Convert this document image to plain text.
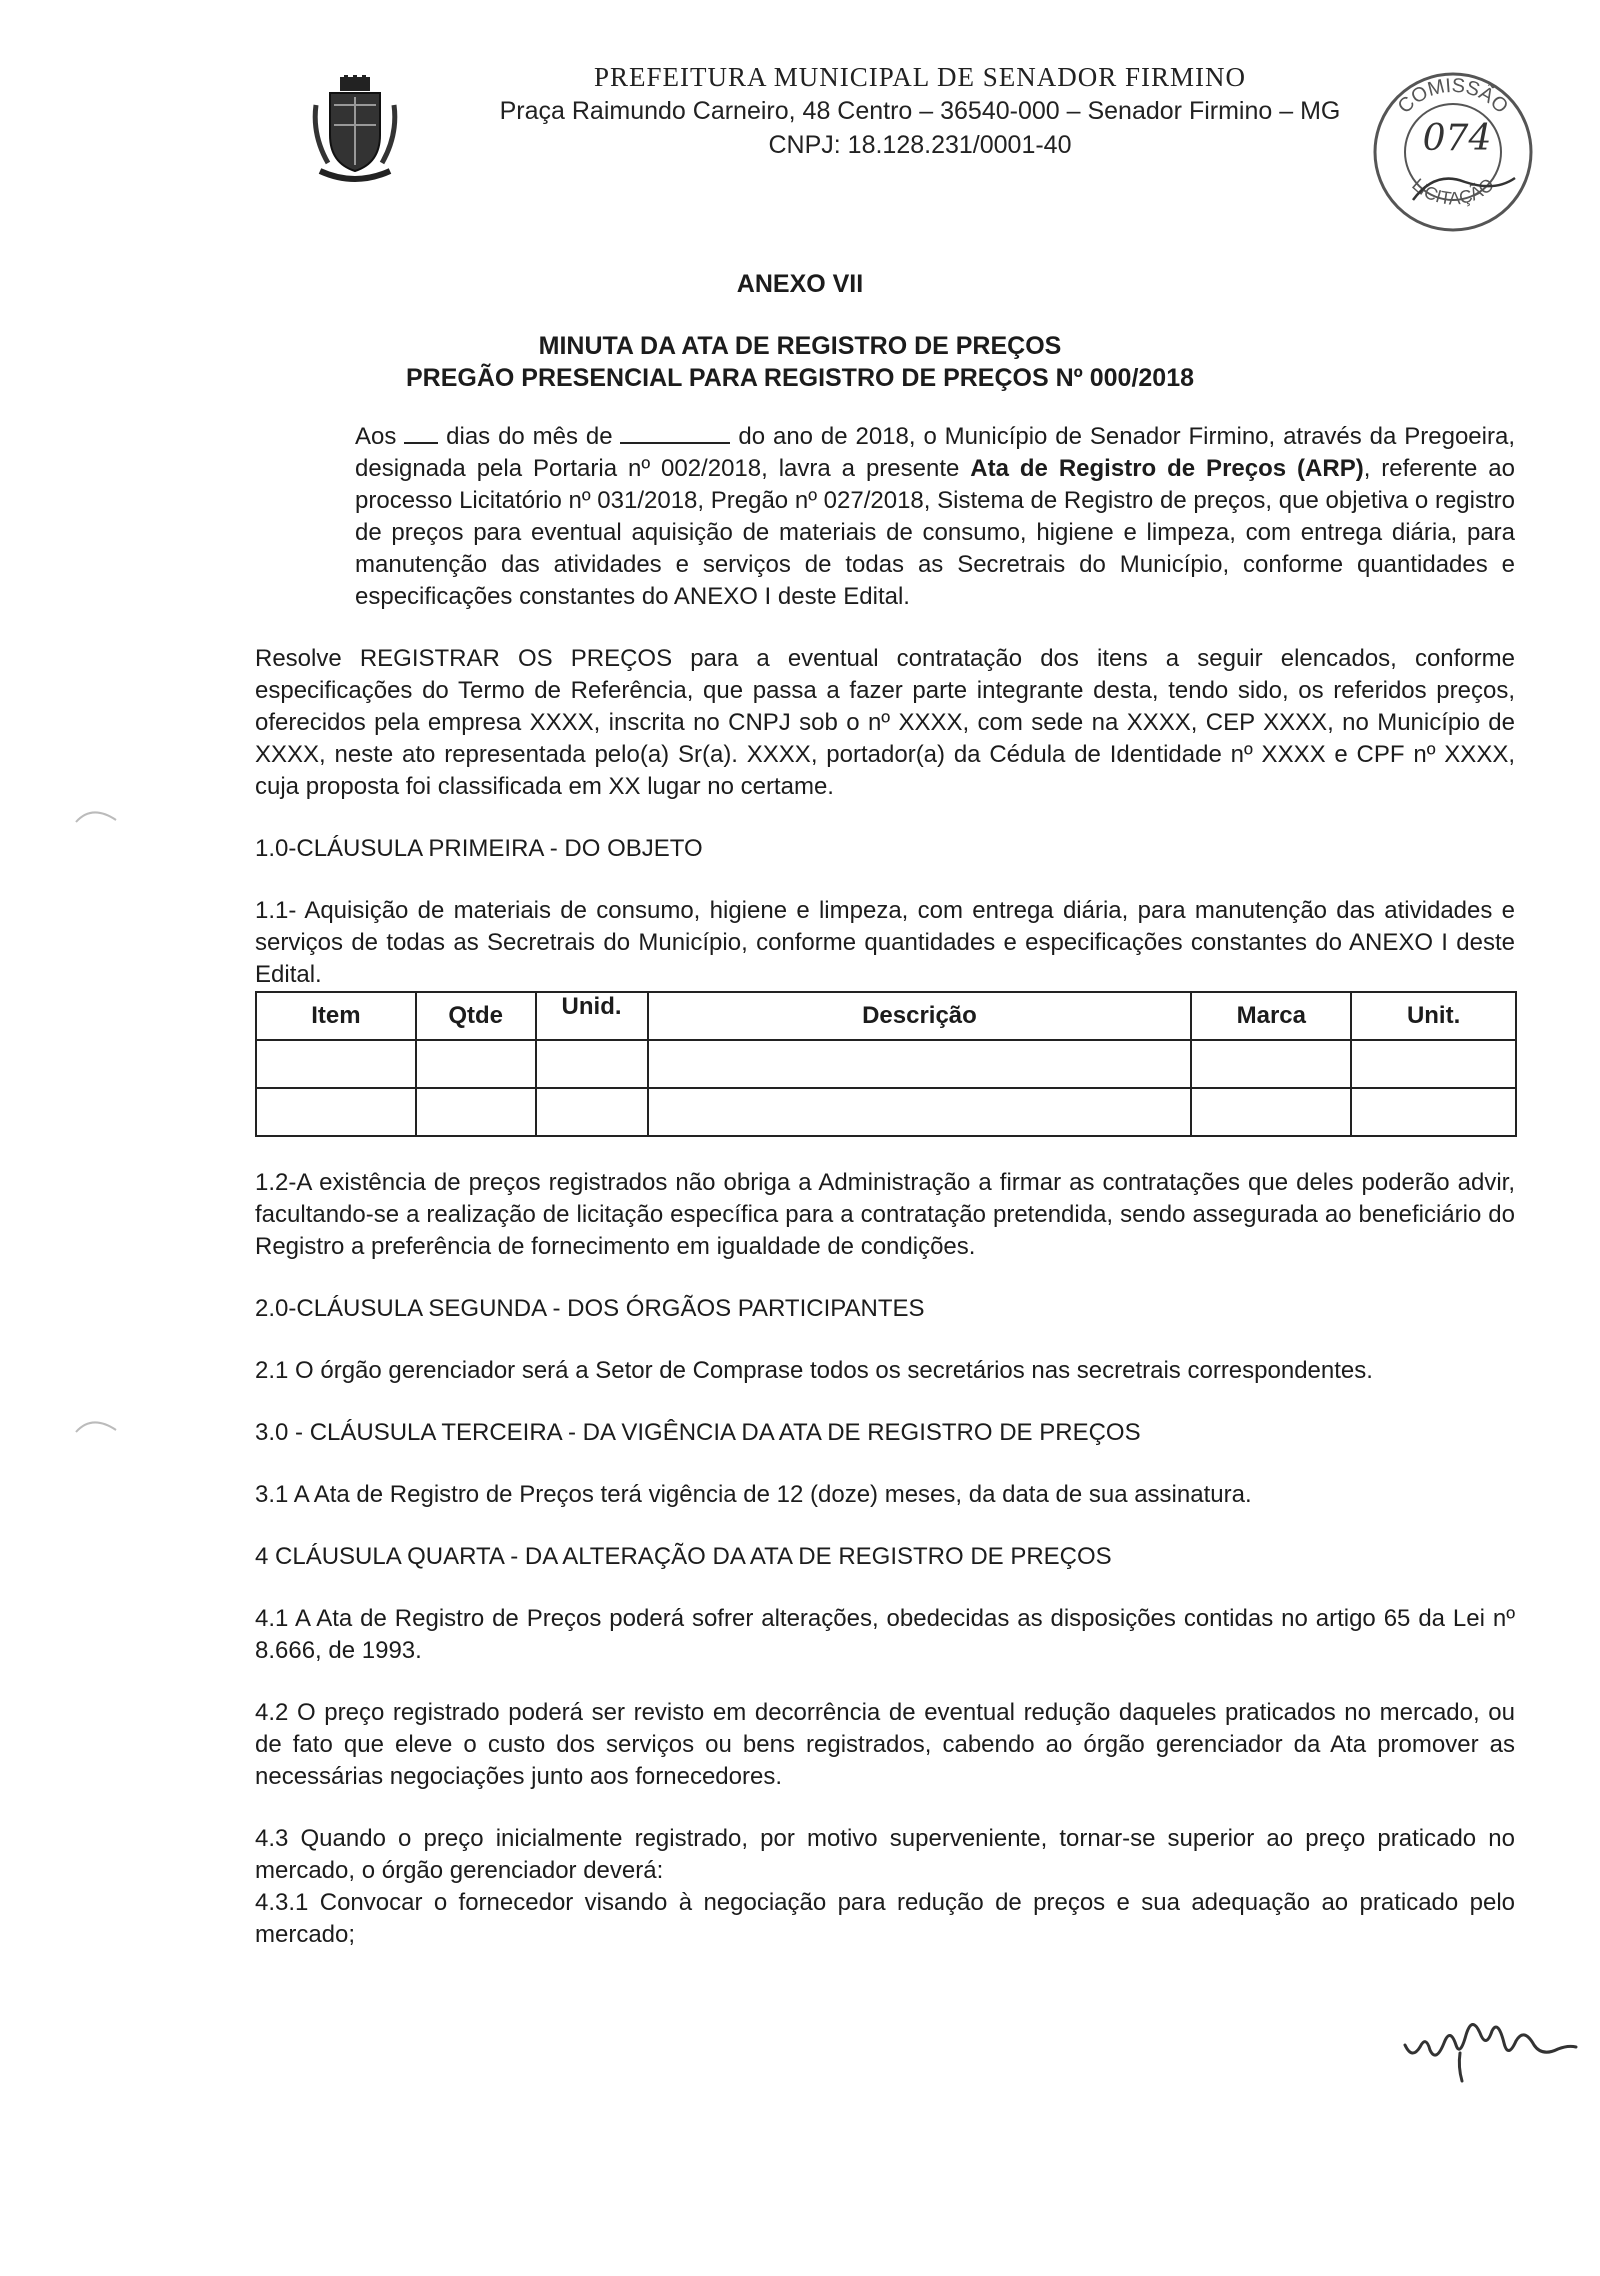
PREFEITURA MUNICIPAL DE SENADOR FIRMINO

Praça Raimundo Carneiro, 48 Centro – 36540-000 – Senador Firmino – MG

CNPJ: 18.128.231/0001-40

COMISSÃO
LICITAÇÃO
074
ANEXO VII
MINUTA DA ATA DE REGISTRO DE PREÇOS
PREGÃO PRESENCIAL PARA REGISTRO DE PREÇOS Nº 000/2018

Aos  dias do mês de	do ano de 2018, o Município de Senador Firmino, através da Pregoeira, designada pela Portaria nº 002/2018, lavra a presente Ata de Registro de Preços (ARP), referente ao processo Licitatório nº 031/2018, Pregão nº 027/2018, Sistema de Registro de preços, que objetiva o registro de preços para eventual aquisição de materiais de consumo, higiene e limpeza, com entrega diária, para manutenção das atividades e serviços de todas as Secretrais do Município, conforme quantidades e especificações constantes do ANEXO I deste Edital.

Resolve REGISTRAR OS PREÇOS para a eventual contratação dos itens a seguir elencados, conforme especificações do Termo de Referência, que passa a fazer parte integrante desta, tendo sido, os referidos preços, oferecidos pela empresa XXXX, inscrita no CNPJ sob o nº XXXX, com sede na XXXX, CEP XXXX, no Município de XXXX, neste ato representada pelo(a) Sr(a). XXXX, portador(a) da Cédula de Identidade nº XXXX e CPF nº XXXX, cuja proposta foi classificada em XX lugar no certame.

1.0-CLÁUSULA PRIMEIRA - DO OBJETO

1.1- Aquisição de materiais de consumo, higiene e limpeza, com entrega diária, para manutenção das atividades e serviços de todas as Secretrais do Município, conforme quantidades e especificações constantes do ANEXO I deste Edital.

Item	Qtde	Unid.	Descrição	Marca	Unit.

1.2-A existência de preços registrados não obriga a Administração a firmar as contratações que deles poderão advir, facultando-se a realização de licitação específica para a contratação pretendida, sendo assegurada ao beneficiário do Registro a preferência de fornecimento em igualdade de condições.

2.0-CLÁUSULA SEGUNDA - DOS ÓRGÃOS PARTICIPANTES

2.1 O órgão gerenciador será a Setor de Comprase todos os secretários nas secretrais correspondentes.

3.0 - CLÁUSULA TERCEIRA - DA VIGÊNCIA DA ATA DE REGISTRO DE PREÇOS

3.1 A Ata de Registro de Preços terá vigência de 12 (doze) meses, da data de sua assinatura.

4 CLÁUSULA QUARTA - DA ALTERAÇÃO DA ATA DE REGISTRO DE PREÇOS

4.1 A Ata de Registro de Preços poderá sofrer alterações, obedecidas as disposições contidas no artigo 65 da Lei nº 8.666, de 1993.

4.2 O preço registrado poderá ser revisto em decorrência de eventual redução daqueles praticados no mercado, ou de fato que eleve o custo dos serviços ou bens registrados, cabendo ao órgão gerenciador da Ata promover as necessárias negociações junto aos fornecedores.

4.3 Quando o preço inicialmente registrado, por motivo superveniente, tornar-se superior ao preço praticado no mercado, o órgão gerenciador deverá:

4.3.1 Convocar o fornecedor visando à negociação para redução de preços e sua adequação ao praticado pelo mercado;
